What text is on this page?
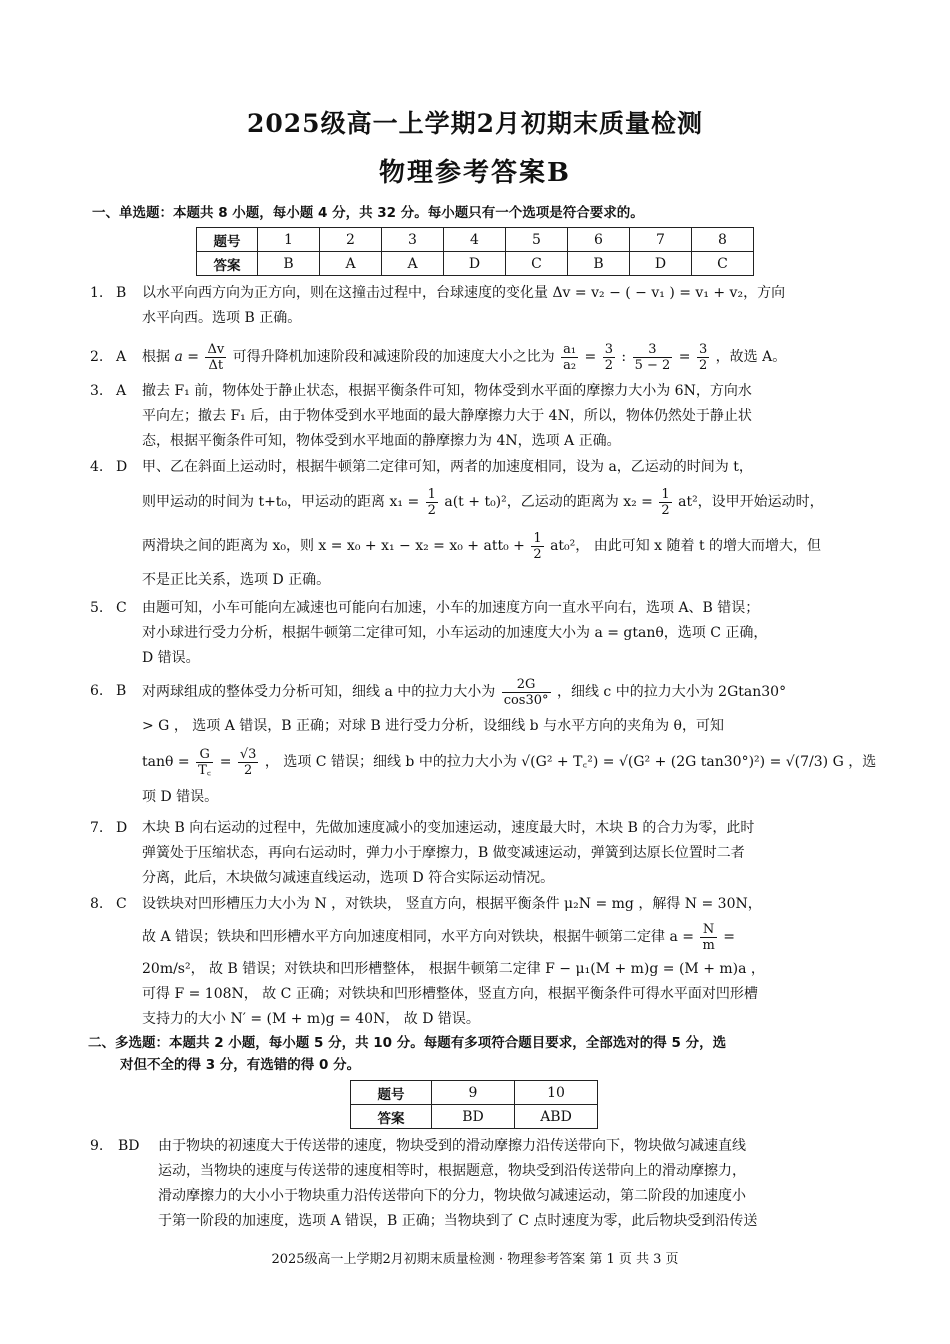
2025级高一上学期2月初期末质量检测
物理参考答案B
一、单选题：本题共 8 小题，每小题 4 分，共 32 分。每小题只有一个选项是符合要求的。
题号	1	2	3	4	5	6	7	8
答案	B	A	A	D	C	B	D	C
1. B	以水平向西方向为正方向，则在这撞击过程中，台球速度的变化量 Δv = v₂ − ( − v₁ ) = v₁ + v₂，方向
水平向西。选项 B 正确。
2. A	根据 $a = \frac{\Delta v}{\Delta t}$ 可得升降机加速阶段和减速阶段的加速度大小之比为 $\frac{\text{a₁}}{\text{a₂}} = \frac{3}{2}$ : $\frac{3}{5 - 2} = \frac{3}{2}$ ，故选 A。
3. A	撤去 F₁ 前，物体处于静止状态，根据平衡条件可知，物体受到水平面的摩擦力大小为 6N，方向水
平向左；撤去 F₁ 后，由于物体受到水平地面的最大静摩擦力大于 4N，所以，物体仍然处于静止状
态，根据平衡条件可知，物体受到水平地面的静摩擦力为 4N，选项 A 正确。
4. D	甲、乙在斜面上运动时，根据牛顿第二定律可知，两者的加速度相同，设为 a，乙运动的时间为 t，
则甲运动的时间为 t+t₀，甲运动的距离 $x_1 = \frac{1}{2} a(t + t_0)^2$，乙运动的距离为 $x_2 = \frac{1}{2} at^2$，设甲开始运动时，
两滑块之间的距离为 x₀，则 $x = x_0 + x_1 - x_2 = x_0 + att_0 + \frac{1}{2} at_0^2$， 由此可知 x 随着 t 的增大而增大，但
不是正比关系，选项 D 正确。
5. C	由题可知，小车可能向左减速也可能向右加速，小车的加速度方向一直水平向右，选项 A、B 错误；
对小球进行受力分析，根据牛顿第二定律可知，小车运动的加速度大小为 a = gtanθ，选项 C 正确，
D 错误。
6. B	对两球组成的整体受力分析可知，细线 a 中的拉力大小为 $\frac{2G}{\cos 30^\circ}$ ，细线 c 中的拉力大小为 2Gtan30°
> G ， 选项 A 错误，B 正确；对球 B 进行受力分析，设细线 b 与水平方向的夹角为 θ，可知
$\tan\theta = \frac{G}{T꜀} = \frac{√3}{2}$ ， 选项 C 错误；细线 b 中的拉力大小为 √(G² + T꜀²) = √(G² + (2G tan30°)²) = √(7/3) G ，选
项 D 错误。
7. D	木块 B 向右运动的过程中，先做加速度减小的变加速运动，速度最大时，木块 B 的合力为零，此时
弹簧处于压缩状态，再向右运动时，弹力小于摩擦力，B 做变减速运动，弹簧到达原长位置时二者
分离，此后，木块做匀减速直线运动，选项 D 符合实际运动情况。
8. C	设铁块对凹形槽压力大小为 N ，对铁块， 竖直方向，根据平衡条件 μ₂N = mg ，解得 N = 30N，
故 A 错误；铁块和凹形槽水平方向加速度相同，水平方向对铁块，根据牛顿第二定律 $a = \frac{N}{m}$ =
20m/s²， 故 B 错误；对铁块和凹形槽整体， 根据牛顿第二定律 F − μ₁(M + m)g = (M + m)a ，
可得 F = 108N， 故 C 正确；对铁块和凹形槽整体，竖直方向，根据平衡条件可得水平面对凹形槽
支持力的大小 N′ = (M + m)g = 40N， 故 D 错误。
二、多选题：本题共 2 小题，每小题 5 分，共 10 分。每题有多项符合题目要求，全部选对的得 5 分，选
对但不全的得 3 分，有选错的得 0 分。
题号	9	10
答案	BD	ABD
9.	BD	由于物块的初速度大于传送带的速度，物块受到的滑动摩擦力沿传送带向下，物块做匀减速直线
运动，当物块的速度与传送带的速度相等时，根据题意，物块受到沿传送带向上的滑动摩擦力，
滑动摩擦力的大小小于物块重力沿传送带向下的分力，物块做匀减速运动，第二阶段的加速度小
于第一阶段的加速度，选项 A 错误，B 正确；当物块到了 C 点时速度为零，此后物块受到沿传送
2025级高一上学期2月初期末质量检测 · 物理参考答案 第 1 页 共 3 页
